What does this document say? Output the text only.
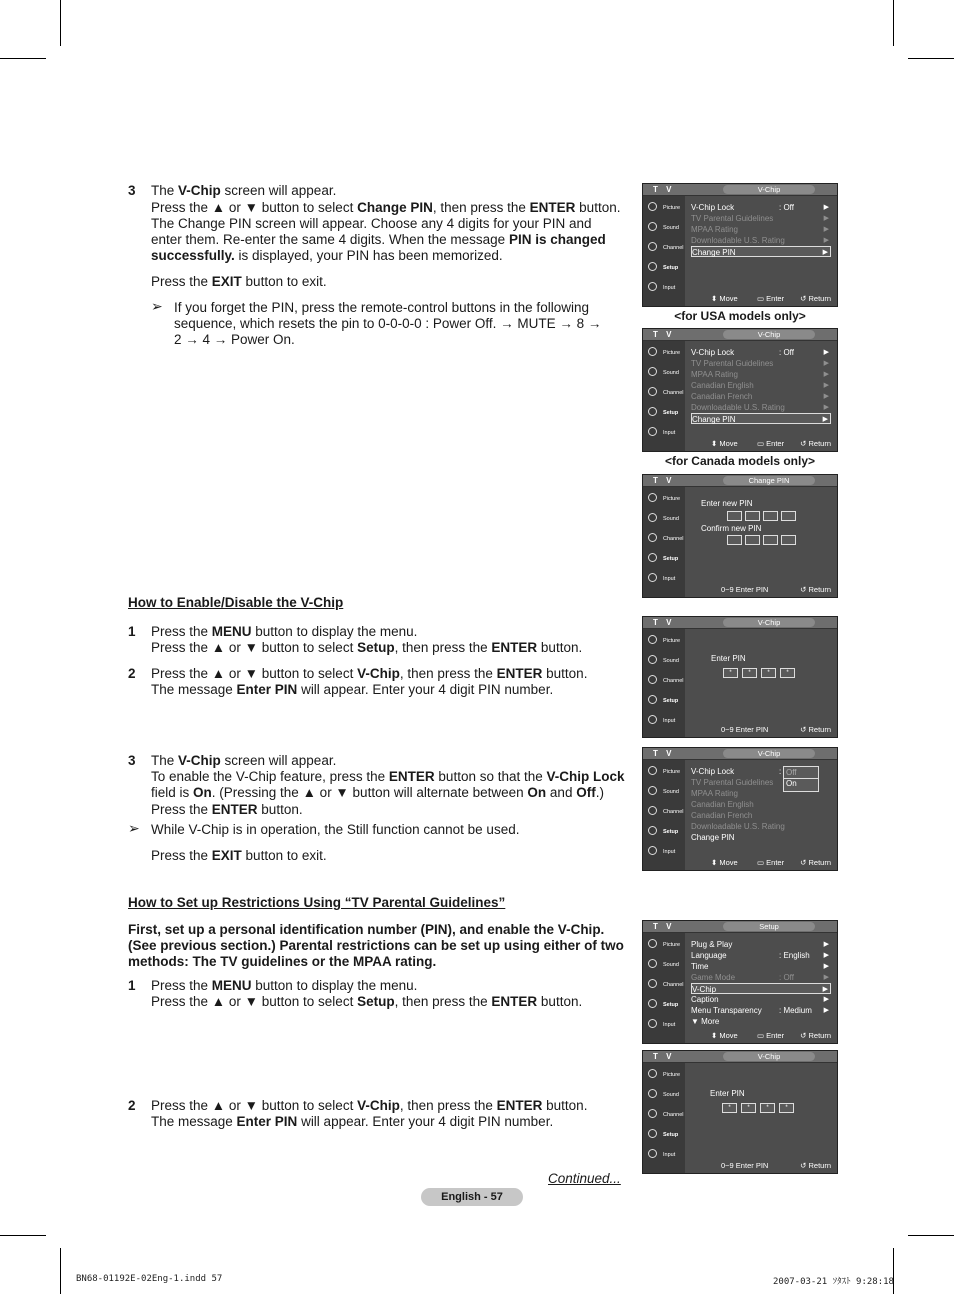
3 The V-Chip screen will appear.
Press the ▲ or ▼ button to select Change PIN, then press the ENTER button.
The Change PIN screen will appear. Choose any 4 digits for your PIN and
enter them. Re-enter the same 4 digits. When the message PIN is changed
successfully. is displayed, your PIN has been memorized.
Press the EXIT button to exit.
➢ If you forget the PIN, press the remote-control buttons in the following
sequence, which resets the pin to 0-0-0-0 : Power Off. → MUTE → 8 →
2 → 4 → Power On.
How to Enable/Disable the V-Chip
1 Press the MENU button to display the menu.
Press the ▲ or ▼ button to select Setup, then press the ENTER button.
2 Press the ▲ or ▼ button to select V-Chip, then press the ENTER button.
The message Enter PIN will appear. Enter your 4 digit PIN number.
3 The V-Chip screen will appear.
To enable the V-Chip feature, press the ENTER button so that the V-Chip Lock
field is On. (Pressing the ▲ or ▼ button will alternate between On and Off.)
Press the ENTER button.
➢ While V-Chip is in operation, the Still function cannot be used.
Press the EXIT button to exit.
How to Set up Restrictions Using “TV Parental Guidelines”
First, set up a personal identification number (PIN), and enable the V-Chip.
(See previous section.) Parental restrictions can be set up using either of two
methods: The TV guidelines or the MPAA rating.
1 Press the MENU button to display the menu.
Press the ▲ or ▼ button to select Setup, then press the ENTER button.
2 Press the ▲ or ▼ button to select V-Chip, then press the ENTER button.
The message Enter PIN will appear. Enter your 4 digit PIN number.
Continued...
English - 57
BN68-01192E-02Eng-1.indd 57	2007-03-21 ｿﾀｽﾄ 9:28:18
T V	V-Chip
Picture
Sound
Channel
Setup
Input
V-Chip Lock	: Off	▶
TV Parental Guidelines	▶
MPAA Rating	▶
Downloadable U.S. Rating	▶
Change PIN	▶
⬍ Move	▭ Enter ↺ Return
<for USA models only>
T V	V-Chip
Picture
Sound
Channel
Setup
Input
V-Chip Lock	: Off	▶
TV Parental Guidelines	▶
MPAA Rating	▶
Canadian English	▶
Canadian French	▶
Downloadable U.S. Rating	▶
Change PIN	▶
⬍ Move	▭ Enter ↺ Return
<for Canada models only>
T V	Change PIN
Picture
Sound
Channel
Setup
Input
Enter new PIN
Confirm new PIN
0~9 Enter PIN	↺ Return
T V	V-Chip
Picture
Sound
Channel
Setup
Input
Enter PIN
*	*	*	*
0~9 Enter PIN	↺ Return
T V	V-Chip
Picture
Sound
Channel
Setup
Input
V-Chip Lock	:
TV Parental Guidelines
MPAA Rating
Canadian English
Canadian French
Downloadable U.S. Rating
Change PIN
Off
On
⬍ Move	▭ Enter ↺ Return
T V	Setup
Picture
Sound
Channel
Setup
Input
Plug & Play	▶
Language	: English ▶
Time	▶
Game Mode	: Off	▶
V-Chip	▶
Caption	▶
Menu Transparency : Medium ▶
▼ More
⬍ Move	▭ Enter ↺ Return
T V	V-Chip
Picture
Sound
Channel
Setup
Input
Enter PIN
*	*	*	*
0~9 Enter PIN	↺ Return
